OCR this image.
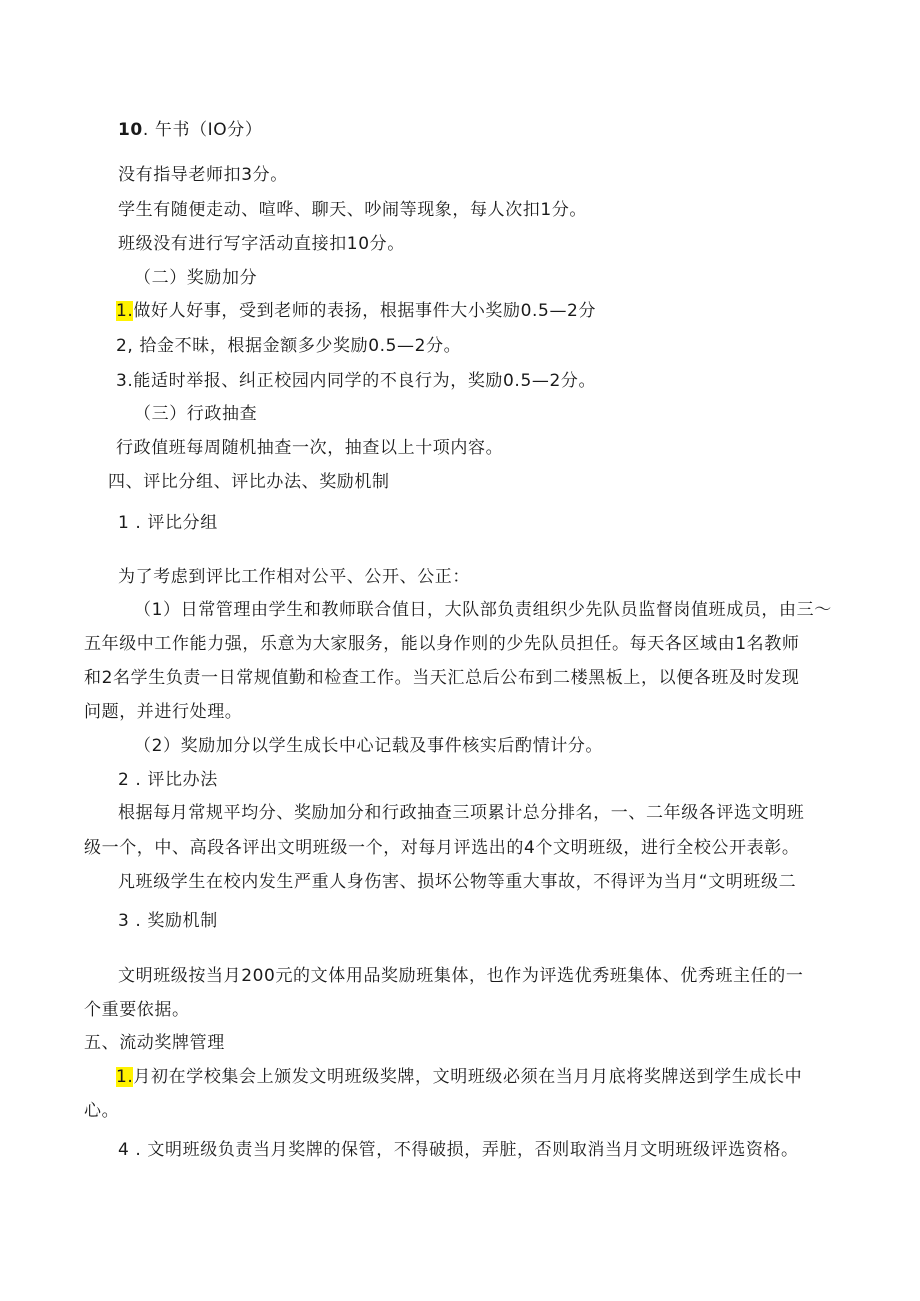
10. 午书（IO分）
没有指导老师扣3分。
学生有随便走动、喧哗、聊天、吵闹等现象，每人次扣1分。
班级没有进行写字活动直接扣10分。
（二）奖励加分
1.做好人好事，受到老师的表扬，根据事件大小奖励0.5—2分
2, 拾金不昧，根据金额多少奖励0.5—2分。
3.能适时举报、纠正校园内同学的不良行为，奖励0.5—2分。
（三）行政抽查
行政值班每周随机抽查一次，抽查以上十项内容。
四、评比分组、评比办法、奖励机制
1 . 评比分组
为了考虑到评比工作相对公平、公开、公正：
（1）日常管理由学生和教师联合值日，大队部负责组织少先队员监督岗值班成员，由三～
五年级中工作能力强，乐意为大家服务，能以身作则的少先队员担任。每天各区域由1名教师
和2名学生负责一日常规值勤和检查工作。当天汇总后公布到二楼黑板上，以便各班及时发现
问题，并进行处理。
（2）奖励加分以学生成长中心记载及事件核实后酌情计分。
2 . 评比办法
根据每月常规平均分、奖励加分和行政抽查三项累计总分排名，一、二年级各评选文明班
级一个，中、高段各评出文明班级一个，对每月评选出的4个文明班级，进行全校公开表彰。
凡班级学生在校内发生严重人身伤害、损坏公物等重大事故，不得评为当月“文明班级二
3 . 奖励机制
文明班级按当月200元的文体用品奖励班集体，也作为评选优秀班集体、优秀班主任的一
个重要依据。
五、流动奖牌管理
1.月初在学校集会上颁发文明班级奖牌，文明班级必须在当月月底将奖牌送到学生成长中
心。
4 . 文明班级负责当月奖牌的保管，不得破损，弄脏，否则取消当月文明班级评选资格。
